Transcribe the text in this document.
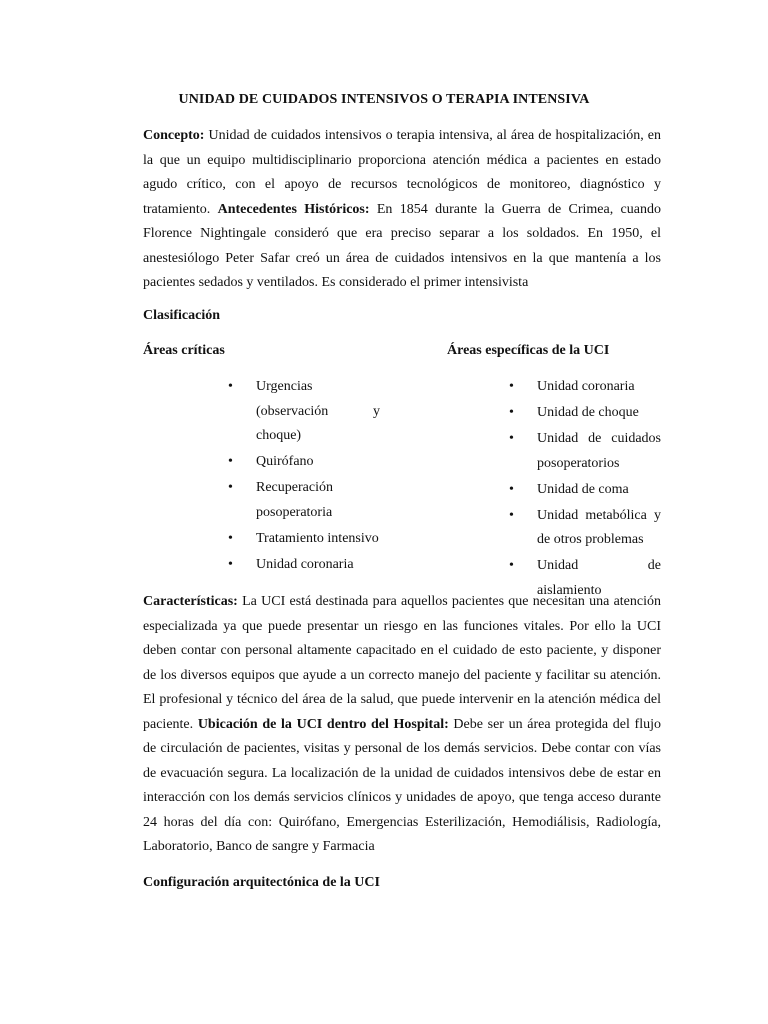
UNIDAD DE CUIDADOS INTENSIVOS O TERAPIA INTENSIVA
Concepto: Unidad de cuidados intensivos o terapia intensiva, al área de hospitalización, en la que un equipo multidisciplinario proporciona atención médica a pacientes en estado agudo crítico, con el apoyo de recursos tecnológicos de monitoreo, diagnóstico y tratamiento. Antecedentes Históricos: En 1854 durante la Guerra de Crimea, cuando Florence Nightingale consideró que era preciso separar a los soldados. En 1950, el anestesiólogo Peter Safar creó un área de cuidados intensivos en la que mantenía a los pacientes sedados y ventilados. Es considerado el primer intensivista
Clasificación
Áreas críticas	Áreas específicas de la UCI
• Urgencias (observación y choque)
• Quirófano
• Recuperación posoperatoria
• Tratamiento intensivo
• Unidad coronaria
• Unidad coronaria
• Unidad de choque
• Unidad de cuidados posoperatorios
• Unidad de coma
• Unidad metabólica y de otros problemas
• Unidad de aislamiento
Características: La UCI está destinada para aquellos pacientes que necesitan una atención especializada ya que puede presentar un riesgo en las funciones vitales. Por ello la UCI deben contar con personal altamente capacitado en el cuidado de esto paciente, y disponer de los diversos equipos que ayude a un correcto manejo del paciente y facilitar su atención. El profesional y técnico del área de la salud, que puede intervenir en la atención médica del paciente. Ubicación de la UCI dentro del Hospital: Debe ser un área protegida del flujo de circulación de pacientes, visitas y personal de los demás servicios. Debe contar con vías de evacuación segura. La localización de la unidad de cuidados intensivos debe de estar en interacción con los demás servicios clínicos y unidades de apoyo, que tenga acceso durante 24 horas del día con: Quirófano, Emergencias Esterilización, Hemodiálisis, Radiología, Laboratorio, Banco de sangre y Farmacia
Configuración arquitectónica de la UCI
